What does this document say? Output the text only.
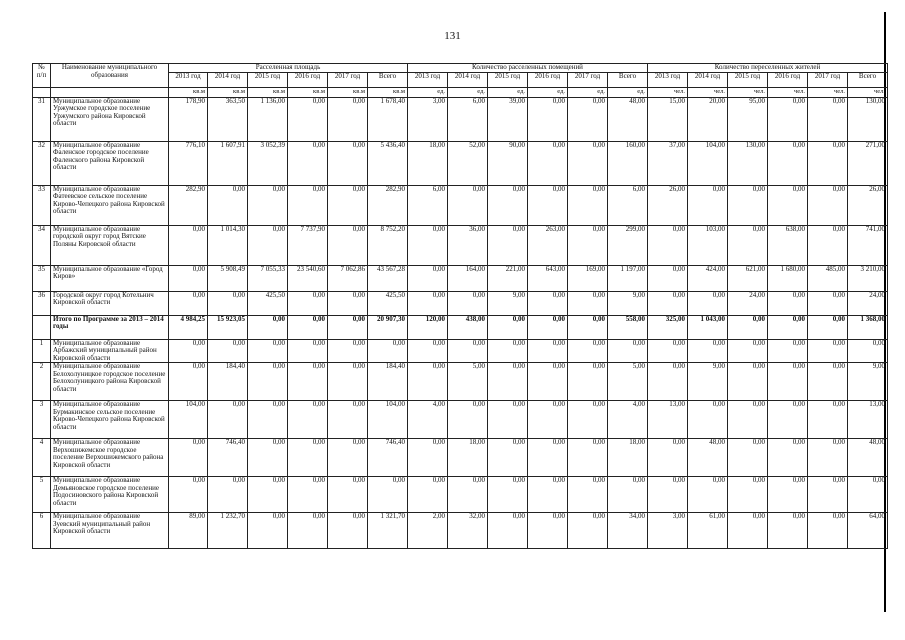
131
№ п/п	Наименование муниципального образования	Расселенная площадь						Количество расселенных помещений						Количество переселенных жителей					
		2013 год	2014 год	2015 год	2016 год	2017 год	Всего	2013 год	2014 год	2015 год	2016 год	2017 год	Всего	2013 год	2014 год	2015 год	2016 год	2017 год	Всего
		кв.м	кв.м	кв.м	кв.м	кв.м	кв.м	ед.	ед.	ед.	ед.	ед.	ед.	чел.	чел.	чел.	чел.	чел.	чел.
31	Муниципальное образование Уржумское городское поселение Уржумского района Кировской области	178,90	363,50	1 136,00	0,00	0,00	1 678,40	3,00	6,00	39,00	0,00	0,00	48,00	15,00	20,00	95,00	0,00	0,00	130,00
32	Муниципальное образование Фаленское городское поселение Фаленского района Кировской области	776,10	1 607,91	3 052,39	0,00	0,00	5 436,40	18,00	52,00	90,00	0,00	0,00	160,00	37,00	104,00	130,00	0,00	0,00	271,00
33	Муниципальное образование Фатеевское сельское поселение Кирово-Чепецкого района Кировской области	282,90	0,00	0,00	0,00	0,00	282,90	6,00	0,00	0,00	0,00	0,00	6,00	26,00	0,00	0,00	0,00	0,00	26,00
34	Муниципальное образование городской округ город Вятские Поляны Кировской области	0,00	1 014,30	0,00	7 737,90	0,00	8 752,20	0,00	36,00	0,00	263,00	0,00	299,00	0,00	103,00	0,00	638,00	0,00	741,00
35	Муниципальное образование «Город Киров»	0,00	5 908,49	7 055,33	23 540,60	7 062,86	43 567,28	0,00	164,00	221,00	643,00	169,00	1 197,00	0,00	424,00	621,00	1 680,00	485,00	3 210,00
36	Городской округ город Котельнич Кировской области	0,00	0,00	425,50	0,00	0,00	425,50	0,00	0,00	9,00	0,00	0,00	9,00	0,00	0,00	24,00	0,00	0,00	24,00
	Итого по Программе за 2013 – 2014 годы	4 984,25	15 923,05	0,00	0,00	0,00	20 907,30	120,00	438,00	0,00	0,00	0,00	558,00	325,00	1 043,00	0,00	0,00	0,00	1 368,00
1	Муниципальное образование Арбажский муниципальный район Кировской области	0,00	0,00	0,00	0,00	0,00	0,00	0,00	0,00	0,00	0,00	0,00	0,00	0,00	0,00	0,00	0,00	0,00	0,00
2	Муниципальное образование Белохолуницкое городское поселение Белохолуницкого района Кировской области	0,00	184,40	0,00	0,00	0,00	184,40	0,00	5,00	0,00	0,00	0,00	5,00	0,00	9,00	0,00	0,00	0,00	9,00
3	Муниципальное образование Бурмакинское сельское поселение Кирово-Чепецкого района Кировской области	104,00	0,00	0,00	0,00	0,00	104,00	4,00	0,00	0,00	0,00	0,00	4,00	13,00	0,00	0,00	0,00	0,00	13,00
4	Муниципальное образование Верхошижемское городское поселение Верхошижемского района Кировской области	0,00	746,40	0,00	0,00	0,00	746,40	0,00	18,00	0,00	0,00	0,00	18,00	0,00	48,00	0,00	0,00	0,00	48,00
5	Муниципальное образование Демьяновское городское поселение Подосиновского района Кировской области	0,00	0,00	0,00	0,00	0,00	0,00	0,00	0,00	0,00	0,00	0,00	0,00	0,00	0,00	0,00	0,00	0,00	0,00
6	Муниципальное образование Зуевский муниципальный район Кировской области	89,00	1 232,70	0,00	0,00	0,00	1 321,70	2,00	32,00	0,00	0,00	0,00	34,00	3,00	61,00	0,00	0,00	0,00	64,00
